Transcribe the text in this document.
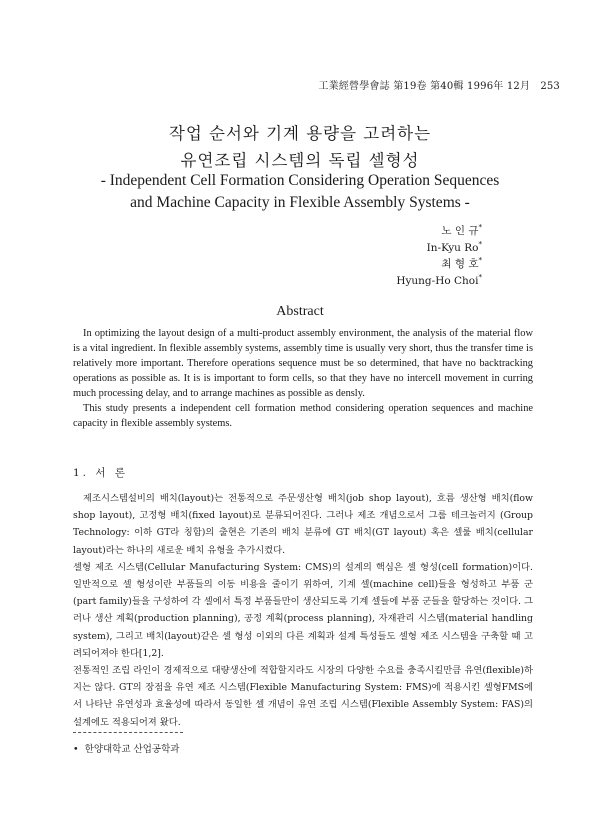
工業經營學會誌 第19卷 第40輯 1996年 12月 253
작업 순서와 기계 용량을 고려하는
유연조립 시스템의 독립 셀형성
- Independent Cell Formation Considering Operation Sequences
and Machine Capacity in Flexible Assembly Systems -
노 인 규*
In-Kyu Ro*
최 형 호*
Hyung-Ho Choi*
Abstract

In optimizing the layout design of a multi-product assembly environment, the analysis of the material flow is a vital ingredient. In flexible assembly systems, assembly time is usually very short, thus the transfer time is relatively more important. Therefore operations sequence must be so determined, that have no backtracking operations as possible as. It is is important to form cells, so that they have no intercell movement in curring much processing delay, and to arrange machines as possible as densly.

This study presents a independent cell formation method considering operation sequences and machine capacity in flexible assembly systems.

1. 서 론

제조시스템설비의 배치(layout)는 전통적으로 주문생산형 배치(job shop layout), 흐름 생산형 배치(flow shop layout), 고정형 배치(fixed layout)로 분류되어진다. 그러나 제조 개념으로서 그룹 테크놀러지 (Group Technology: 이하 GT라 칭함)의 출현은 기존의 배치 분류에 GT 배치(GT layout) 혹은 셀룰 배치(cellular layout)라는 하나의 새로운 배치 유형을 추가시켰다.

셀형 제조 시스템(Cellular Manufacturing System: CMS)의 설계의 핵심은 셀 형성(cell formation)이다. 일반적으로 셀 형성이란 부품들의 이동 비용을 줄이기 위하여, 기계 셀(machine cell)들을 형성하고 부품 군(part family)들을 구성하여 각 셀에서 특정 부품들만이 생산되도록 기계 셀들에 부품 군들을 할당하는 것이다. 그러나 생산 계획(production planning), 공정 계획(process planning), 자재관리 시스템(material handling system), 그리고 배치(layout)같은 셀 형성 이외의 다른 계획과 설계 특성들도 셀형 제조 시스템을 구축할 때 고려되어져야 한다[1,2].

전통적인 조립 라인이 경제적으로 대량생산에 적합할지라도 시장의 다양한 수요를 충족시킬만큼 유연(flexible)하지는 않다. GT의 장점을 유연 제조 시스템(Flexible Manufacturing System: FMS)에 적용시킨 셀형FMS에서 나타난 유연성과 효율성에 따라서 동일한 셀 개념이 유연 조립 시스템(Flexible Assembly System: FAS)의 설계에도 적용되어져 왔다.

• 한양대학교 산업공학과
